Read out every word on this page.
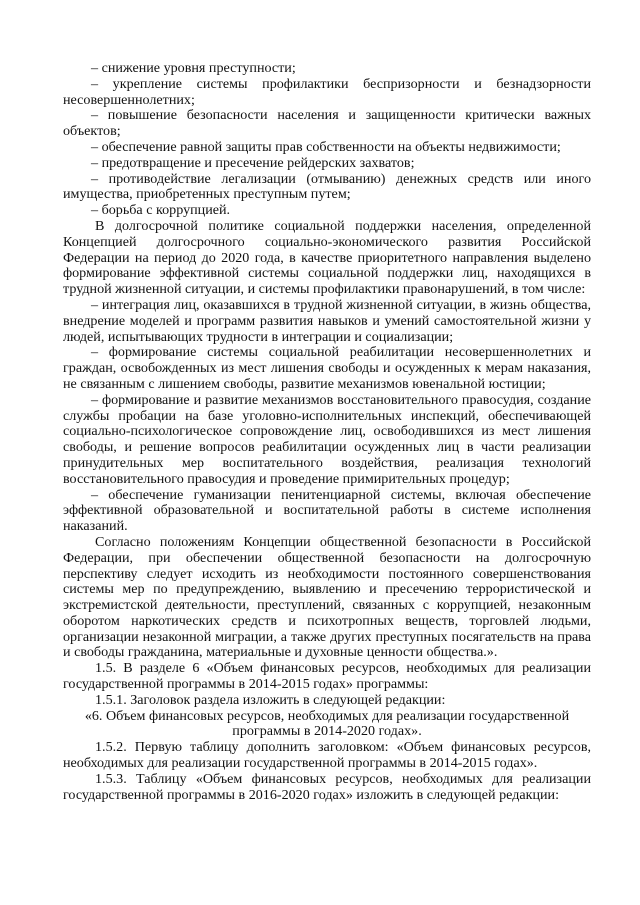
– снижение уровня преступности;

– укрепление системы профилактики беспризорности и безнадзорности несовершеннолетних;

– повышение безопасности населения и защищенности критически важных объектов;

– обеспечение равной защиты прав собственности на объекты недвижимости;

– предотвращение и пресечение рейдерских захватов;

– противодействие легализации (отмыванию) денежных средств или иного имущества, приобретенных преступным путем;

– борьба с коррупцией.

В долгосрочной политике социальной поддержки населения, определенной Концепцией долгосрочного социально-экономического развития Российской Федерации на период до 2020 года, в качестве приоритетного направления выделено формирование эффективной системы социальной поддержки лиц, находящихся в трудной жизненной ситуации, и системы профилактики правонарушений, в том числе:

– интеграция лиц, оказавшихся в трудной жизненной ситуации, в жизнь общества, внедрение моделей и программ развития навыков и умений самостоятельной жизни у людей, испытывающих трудности в интеграции и социализации;

– формирование системы социальной реабилитации несовершеннолетних и граждан, освобожденных из мест лишения свободы и осужденных к мерам наказания, не связанным с лишением свободы, развитие механизмов ювенальной юстиции;

– формирование и развитие механизмов восстановительного правосудия, создание службы пробации на базе уголовно-исполнительных инспекций, обеспечивающей социально-психологическое сопровождение лиц, освободившихся из мест лишения свободы, и решение вопросов реабилитации осужденных лиц в части реализации принудительных мер воспитательного воздействия, реализация технологий восстановительного правосудия и проведение примирительных процедур;

– обеспечение гуманизации пенитенциарной системы, включая обеспечение эффективной образовательной и воспитательной работы в системе исполнения наказаний.

Согласно положениям Концепции общественной безопасности в Российской Федерации, при обеспечении общественной безопасности на долгосрочную перспективу следует исходить из необходимости постоянного совершенствования системы мер по предупреждению, выявлению и пресечению террористической и экстремистской деятельности, преступлений, связанных с коррупцией, незаконным оборотом наркотических средств и психотропных веществ, торговлей людьми, организации незаконной миграции, а также других преступных посягательств на права и свободы гражданина, материальные и духовные ценности общества.».

1.5. В разделе 6 «Объем финансовых ресурсов, необходимых для реализации государственной программы в 2014-2015 годах» программы:

1.5.1. Заголовок раздела изложить в следующей редакции:

«6. Объем финансовых ресурсов, необходимых для реализации государственной программы в 2014-2020 годах».

1.5.2. Первую таблицу дополнить заголовком: «Объем финансовых ресурсов, необходимых для реализации государственной программы в 2014-2015 годах».

1.5.3. Таблицу «Объем финансовых ресурсов, необходимых для реализации государственной программы в 2016-2020 годах» изложить в следующей редакции:
